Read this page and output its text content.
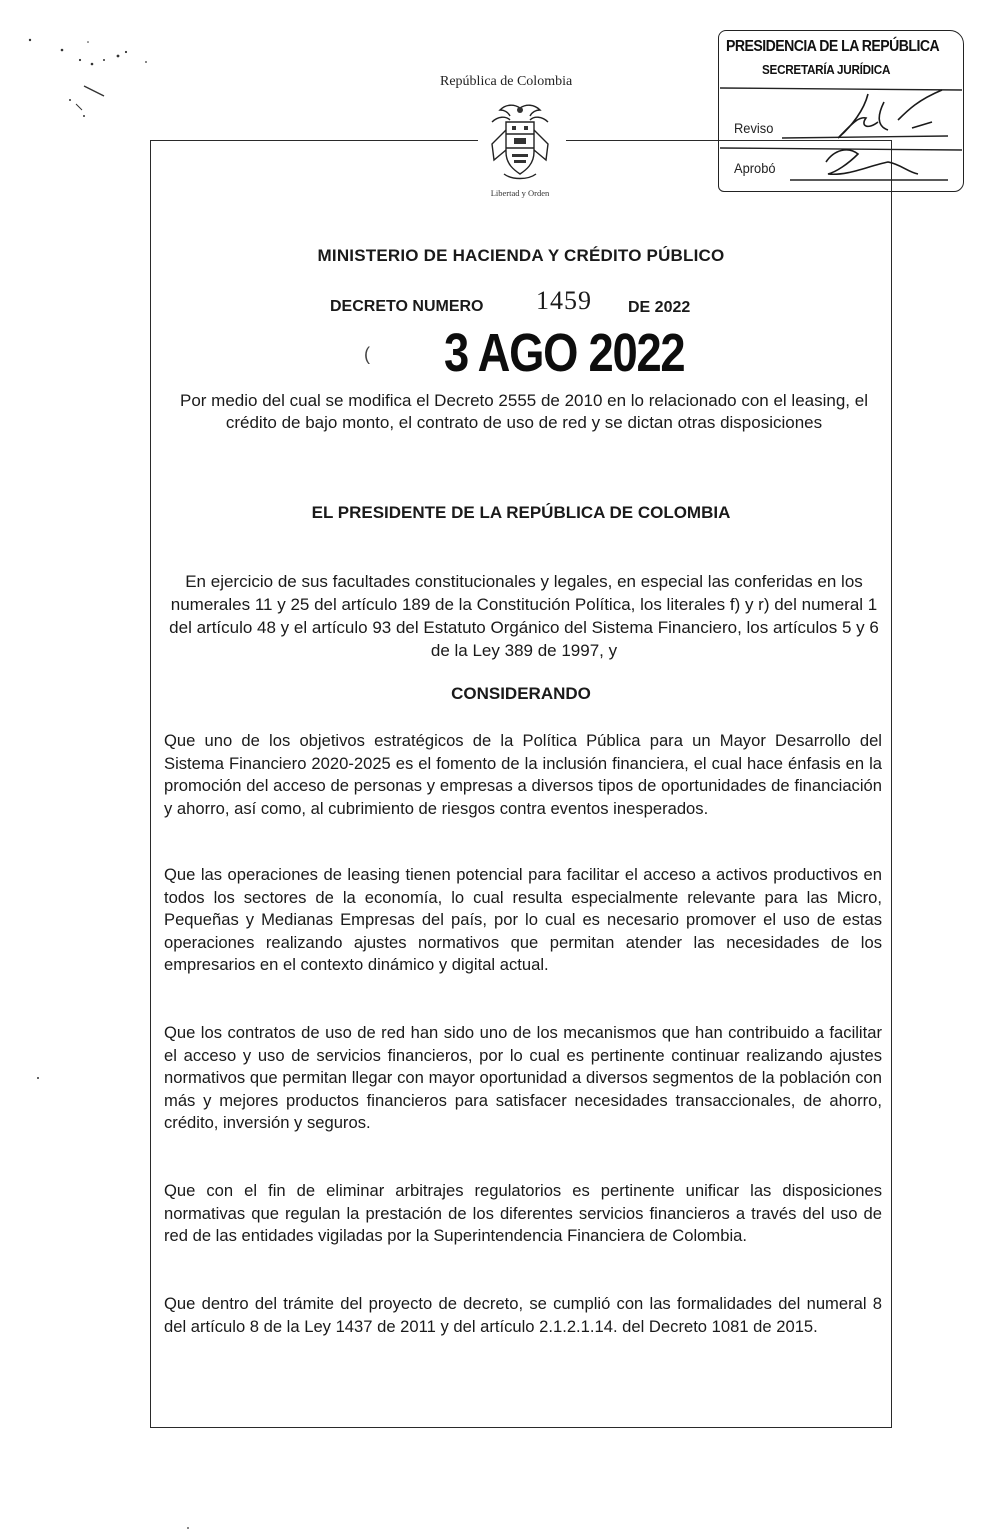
República de Colombia
Libertad y Orden
PRESIDENCIA DE LA REPÚBLICA
SECRETARÍA JURÍDICA
Reviso
Aprobó
MINISTERIO DE HACIENDA Y CRÉDITO PÚBLICO
DECRETO NUMERO 1459 DE 2022
( 3 AGO 2022
Por medio del cual se modifica el Decreto 2555 de 2010 en lo relacionado con el leasing, el crédito de bajo monto, el contrato de uso de red y se dictan otras disposiciones
EL PRESIDENTE DE LA REPÚBLICA DE COLOMBIA
En ejercicio de sus facultades constitucionales y legales, en especial las conferidas en los numerales 11 y 25 del artículo 189 de la Constitución Política, los literales f) y r) del numeral 1 del artículo 48 y el artículo 93 del Estatuto Orgánico del Sistema Financiero, los artículos 5 y 6 de la Ley 389 de 1997, y
CONSIDERANDO
Que uno de los objetivos estratégicos de la Política Pública para un Mayor Desarrollo del Sistema Financiero 2020-2025 es el fomento de la inclusión financiera, el cual hace énfasis en la promoción del acceso de personas y empresas a diversos tipos de oportunidades de financiación y ahorro, así como, al cubrimiento de riesgos contra eventos inesperados.
Que las operaciones de leasing tienen potencial para facilitar el acceso a activos productivos en todos los sectores de la economía, lo cual resulta especialmente relevante para las Micro, Pequeñas y Medianas Empresas del país, por lo cual es necesario promover el uso de estas operaciones realizando ajustes normativos que permitan atender las necesidades de los empresarios en el contexto dinámico y digital actual.
Que los contratos de uso de red han sido uno de los mecanismos que han contribuido a facilitar el acceso y uso de servicios financieros, por lo cual es pertinente continuar realizando ajustes normativos que permitan llegar con mayor oportunidad a diversos segmentos de la población con más y mejores productos financieros para satisfacer necesidades transaccionales, de ahorro, crédito, inversión y seguros.
Que con el fin de eliminar arbitrajes regulatorios es pertinente unificar las disposiciones normativas que regulan la prestación de los diferentes servicios financieros a través del uso de red de las entidades vigiladas por la Superintendencia Financiera de Colombia.
Que dentro del trámite del proyecto de decreto, se cumplió con las formalidades del numeral 8 del artículo 8 de la Ley 1437 de 2011 y del artículo 2.1.2.1.14. del Decreto 1081 de 2015.
